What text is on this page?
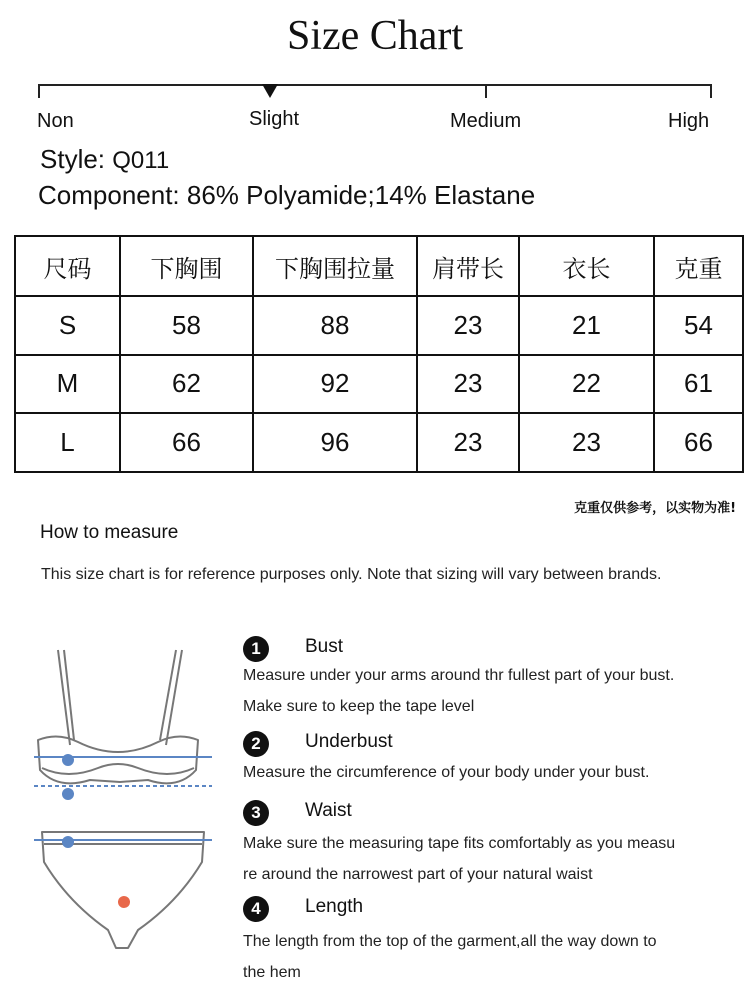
Size Chart
Non	Slight	Medium	High
Style: Q011
Component: 86% Polyamide;14% Elastane
尺码	下胸围	下胸围拉量	肩带长	衣长	克重
S	58	88	23	21	54
M	62	92	23	22	61
L	66	96	23	23	66
克重仅供参考，以实物为准!
How to measure
This size chart is for reference purposes only. Note that sizing will vary between brands.
1	Bust
Measure under your arms around thr fullest part of your bust.
Make sure to keep the tape level
2	Underbust
Measure the circumference of your body under your bust.
3	Waist
Make sure the measuring tape fits comfortably as you measu
re around the narrowest part of your natural waist
4	Length
The length from the top of the garment,all the way down to
the hem
